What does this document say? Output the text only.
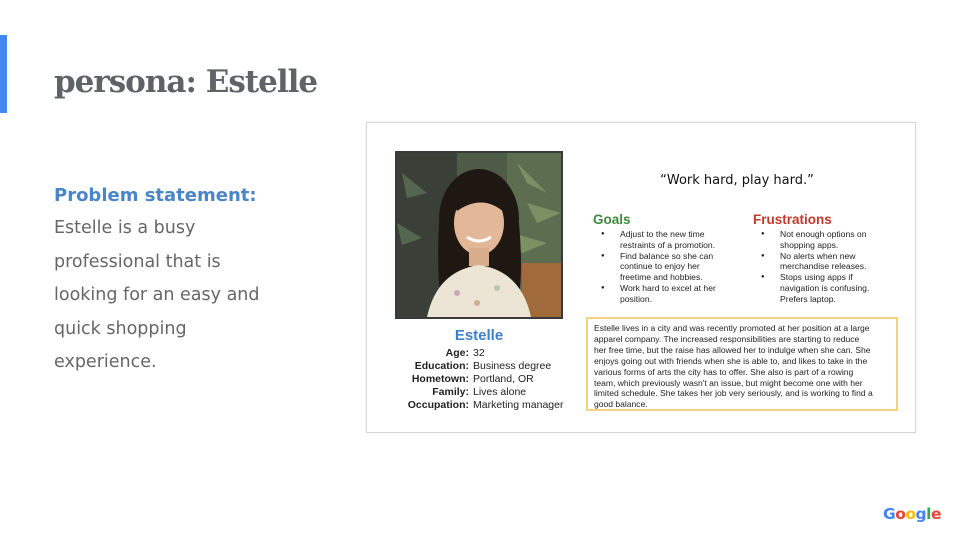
persona: Estelle
Problem statement:
Estelle is a busy
professional that is
looking for an easy and
quick shopping
experience.
Estelle
Age: 32
Education: Business degree
Hometown: Portland, OR
Family: Lives alone
Occupation: Marketing manager
“Work hard, play hard.”
Goals
● Adjust to the new time
restraints of a promotion.
● Find balance so she can
continue to enjoy her
freetime and hobbies.
● Work hard to excel at her
position.
Frustrations
● Not enough options on
shopping apps.
● No alerts when new
merchandise releases.
● Stops using apps if
navigation is confusing.
Prefers laptop.
Estelle lives in a city and was recently promoted at her position at a large
apparel company. The increased responsibilities are starting to reduce
her free time, but the raise has allowed her to indulge when she can. She
enjoys going out with friends when she is able to, and likes to take in the
various forms of arts the city has to offer. She also is part of a rowing
team, which previously wasn't an issue, but might become one with her
limited schedule. She takes her job very seriously, and is working to find a
good balance.
Google
